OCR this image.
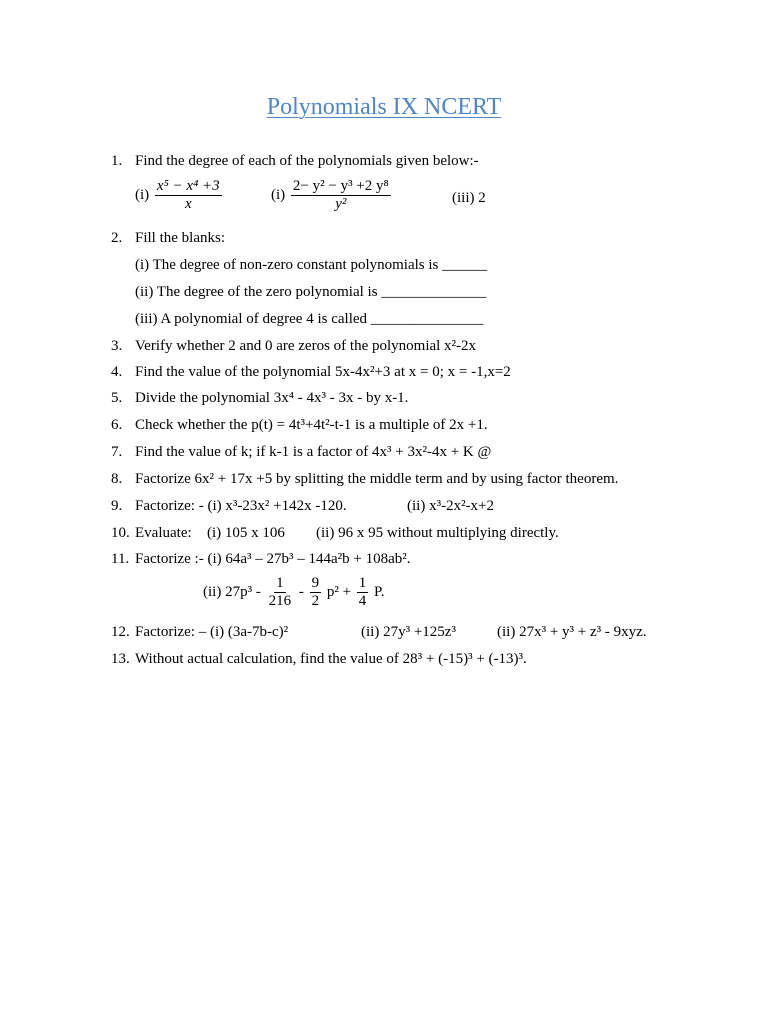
Polynomials IX NCERT
1. Find the degree of each of the polynomials given below:-
$(i) \frac{\text{x⁵ − x⁴ +3}}{x}$	$(i) \frac{\text{2− y² − y³ +2 y⁸}}{\text{y²}}$	(iii) 2
2. Fill the blanks:
(i) The degree of non-zero constant polynomials is ______
(ii) The degree of the zero polynomial is ______________
(iii) A polynomial of degree 4 is called _______________
3. Verify whether 2 and 0 are zeros of the polynomial x²-2x
4. Find the value of the polynomial 5x-4x²+3 at x = 0; x = -1,x=2
5. Divide the polynomial 3x⁴ - 4x³ - 3x - by x-1.
6. Check whether the p(t) = 4t³+4t²-t-1 is a multiple of 2x +1.
7. Find the value of k; if k-1 is a factor of 4x³ + 3x²-4x + K @
8. Factorize 6x² + 17x +5 by splitting the middle term and by using factor theorem.
9. Factorize: - (i) x³-23x² +142x -120.	(ii) x³-2x²-x+2
10. Evaluate: (i) 105 x 106 (ii) 96 x 95 without multiplying directly.
11. Factorize :- (i) 64a³ – 27b³ – 144a²b + 108ab².
(ii) $27p^3 - \frac{1}{216} - \frac{9}{2} p^2 + \frac{1}{4} P$.
12. Factorize: – (i) (3a-7b-c)²	(ii) 27y³ +125z³	(ii) 27x³ + y³ + z³ - 9xyz.
13. Without actual calculation, find the value of 28³ + (-15)³ + (-13)³.
